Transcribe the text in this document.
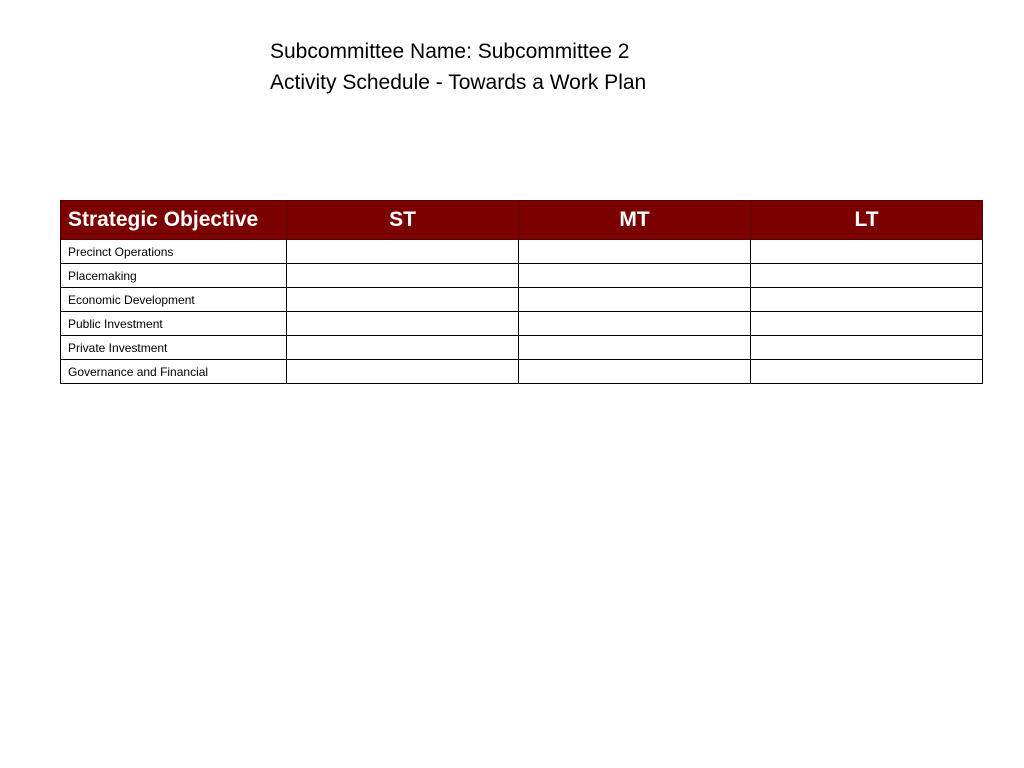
Subcommittee Name: Subcommittee 2
Activity Schedule - Towards a Work Plan
Strategic Objective	ST	MT	LT
Precinct Operations			
Placemaking			
Economic Development			
Public Investment			
Private Investment			
Governance and Financial			
